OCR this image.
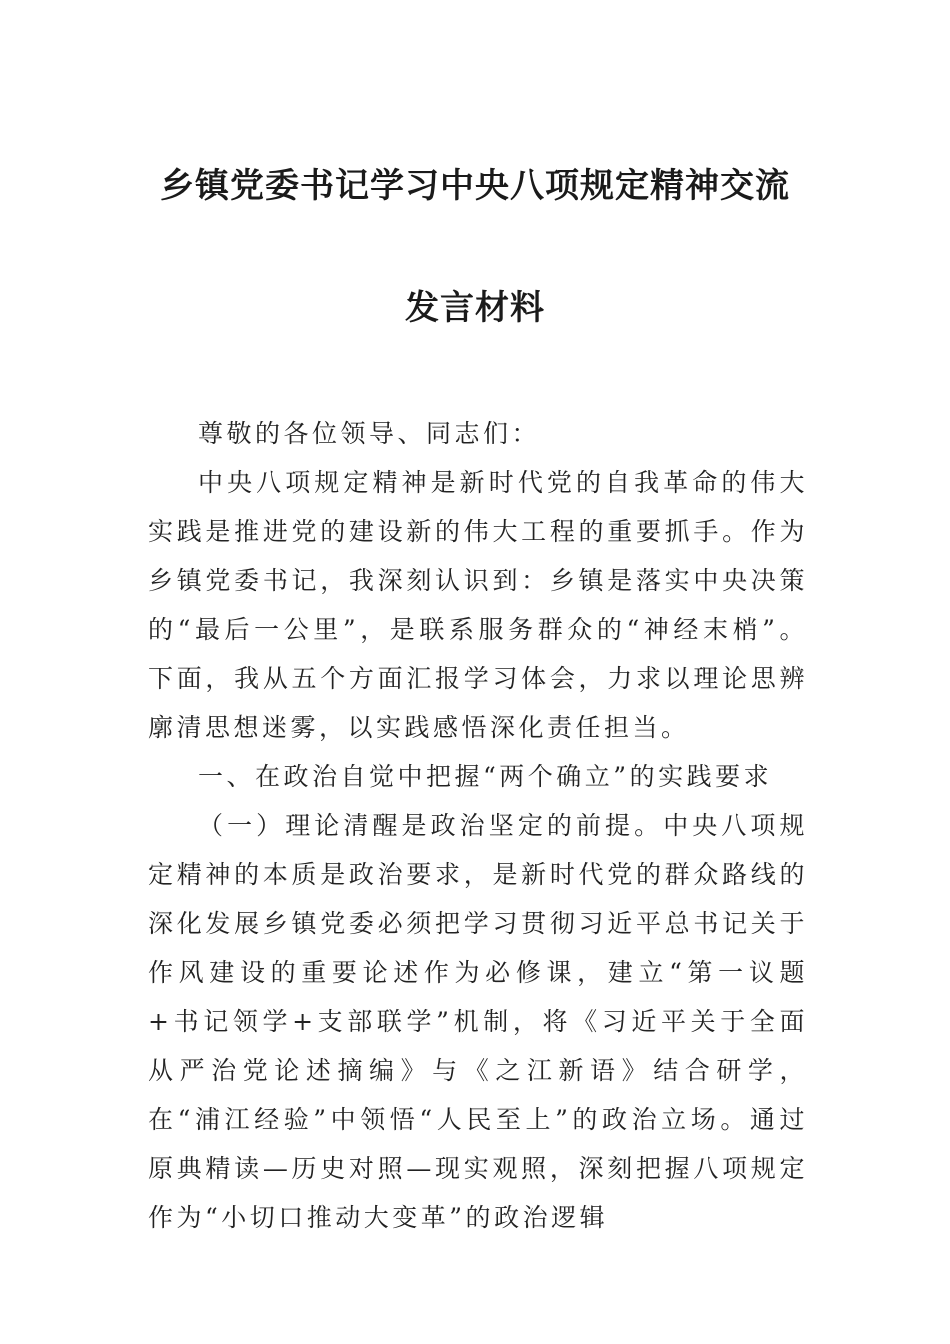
乡镇党委书记学习中央八项规定精神交流
发言材料

尊敬的各位领导、同志们：

中央八项规定精神是新时代党的自我革命的伟大实践是推进党的建设新的伟大工程的重要抓手。作为乡镇党委书记，我深刻认识到：乡镇是落实中央决策的“最后一公里”，是联系服务群众的“神经末梢”。下面，我从五个方面汇报学习体会，力求以理论思辨廓清思想迷雾，以实践感悟深化责任担当。

一、在政治自觉中把握“两个确立”的实践要求

（一）理论清醒是政治坚定的前提。中央八项规定精神的本质是政治要求，是新时代党的群众路线的深化发展乡镇党委必须把学习贯彻习近平总书记关于作风建设的重要论述作为必修课，建立“第一议题+书记领学+支部联学”机制，将《习近平关于全面从严治党论述摘编》与《之江新语》结合研学，在“浦江经验”中领悟“人民至上”的政治立场。通过原典精读—历史对照—现实观照，深刻把握八项规定作为“小切口推动大变革”的政治逻辑
